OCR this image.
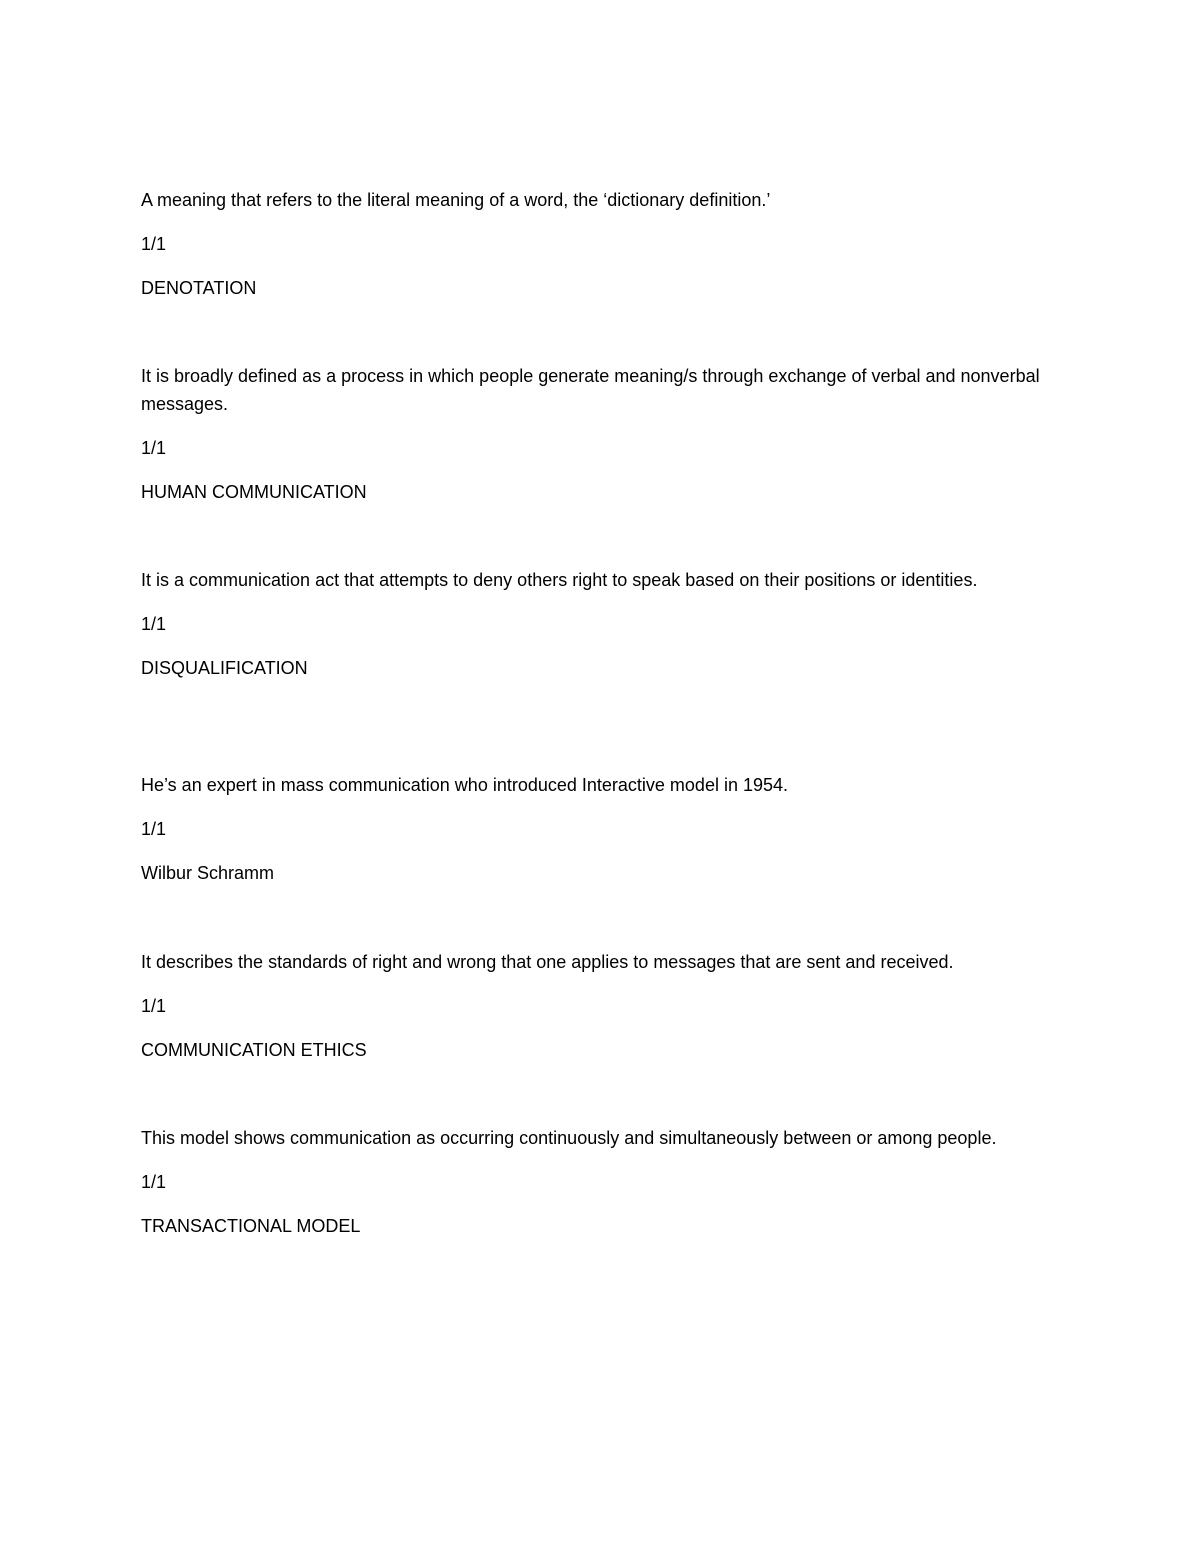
A meaning that refers to the literal meaning of a word, the ‘dictionary definition.’

1/1

DENOTATION

It is broadly defined as a process in which people generate meaning/s through exchange of verbal and nonverbal messages.

1/1

HUMAN COMMUNICATION

It is a communication act that attempts to deny others right to speak based on their positions or identities.

1/1

DISQUALIFICATION

He’s an expert in mass communication who introduced Interactive model in 1954.

1/1

Wilbur Schramm

It describes the standards of right and wrong that one applies to messages that are sent and received.

1/1

COMMUNICATION ETHICS

This model shows communication as occurring continuously and simultaneously between or among people.

1/1

TRANSACTIONAL MODEL
